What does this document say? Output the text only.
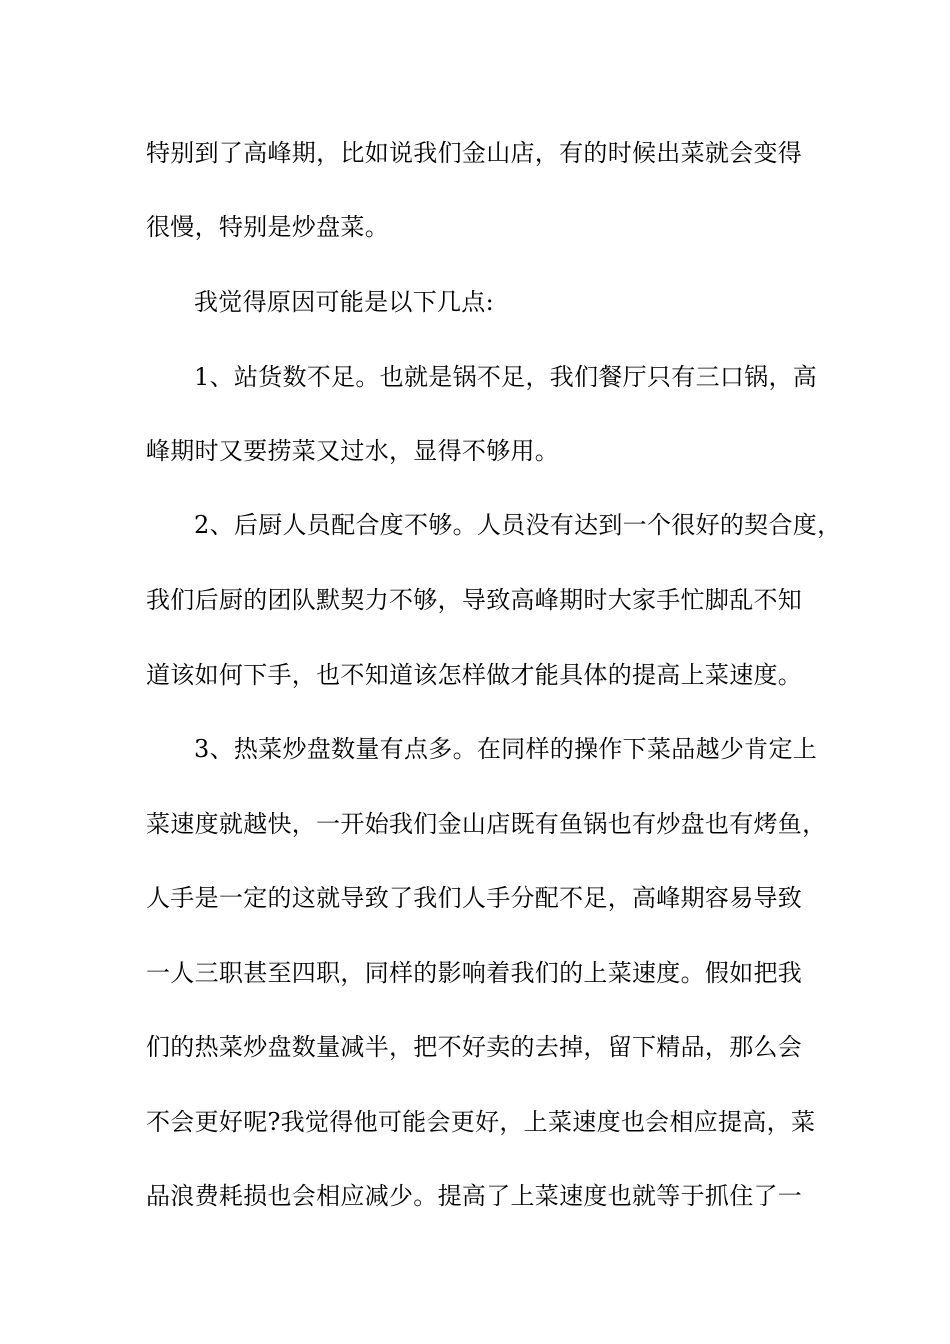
特别到了高峰期，比如说我们金山店，有的时候出菜就会变得
很慢，特别是炒盘菜。
我觉得原因可能是以下几点:
1、站货数不足。也就是锅不足，我们餐厅只有三口锅，高
峰期时又要捞菜又过水，显得不够用。
2、后厨人员配合度不够。人员没有达到一个很好的契合度，
我们后厨的团队默契力不够，导致高峰期时大家手忙脚乱不知
道该如何下手，也不知道该怎样做才能具体的提高上菜速度。
3、热菜炒盘数量有点多。在同样的操作下菜品越少肯定上
菜速度就越快，一开始我们金山店既有鱼锅也有炒盘也有烤鱼，
人手是一定的这就导致了我们人手分配不足，高峰期容易导致
一人三职甚至四职，同样的影响着我们的上菜速度。假如把我
们的热菜炒盘数量减半，把不好卖的去掉，留下精品，那么会
不会更好呢?我觉得他可能会更好，上菜速度也会相应提高，菜
品浪费耗损也会相应减少。提高了上菜速度也就等于抓住了一
